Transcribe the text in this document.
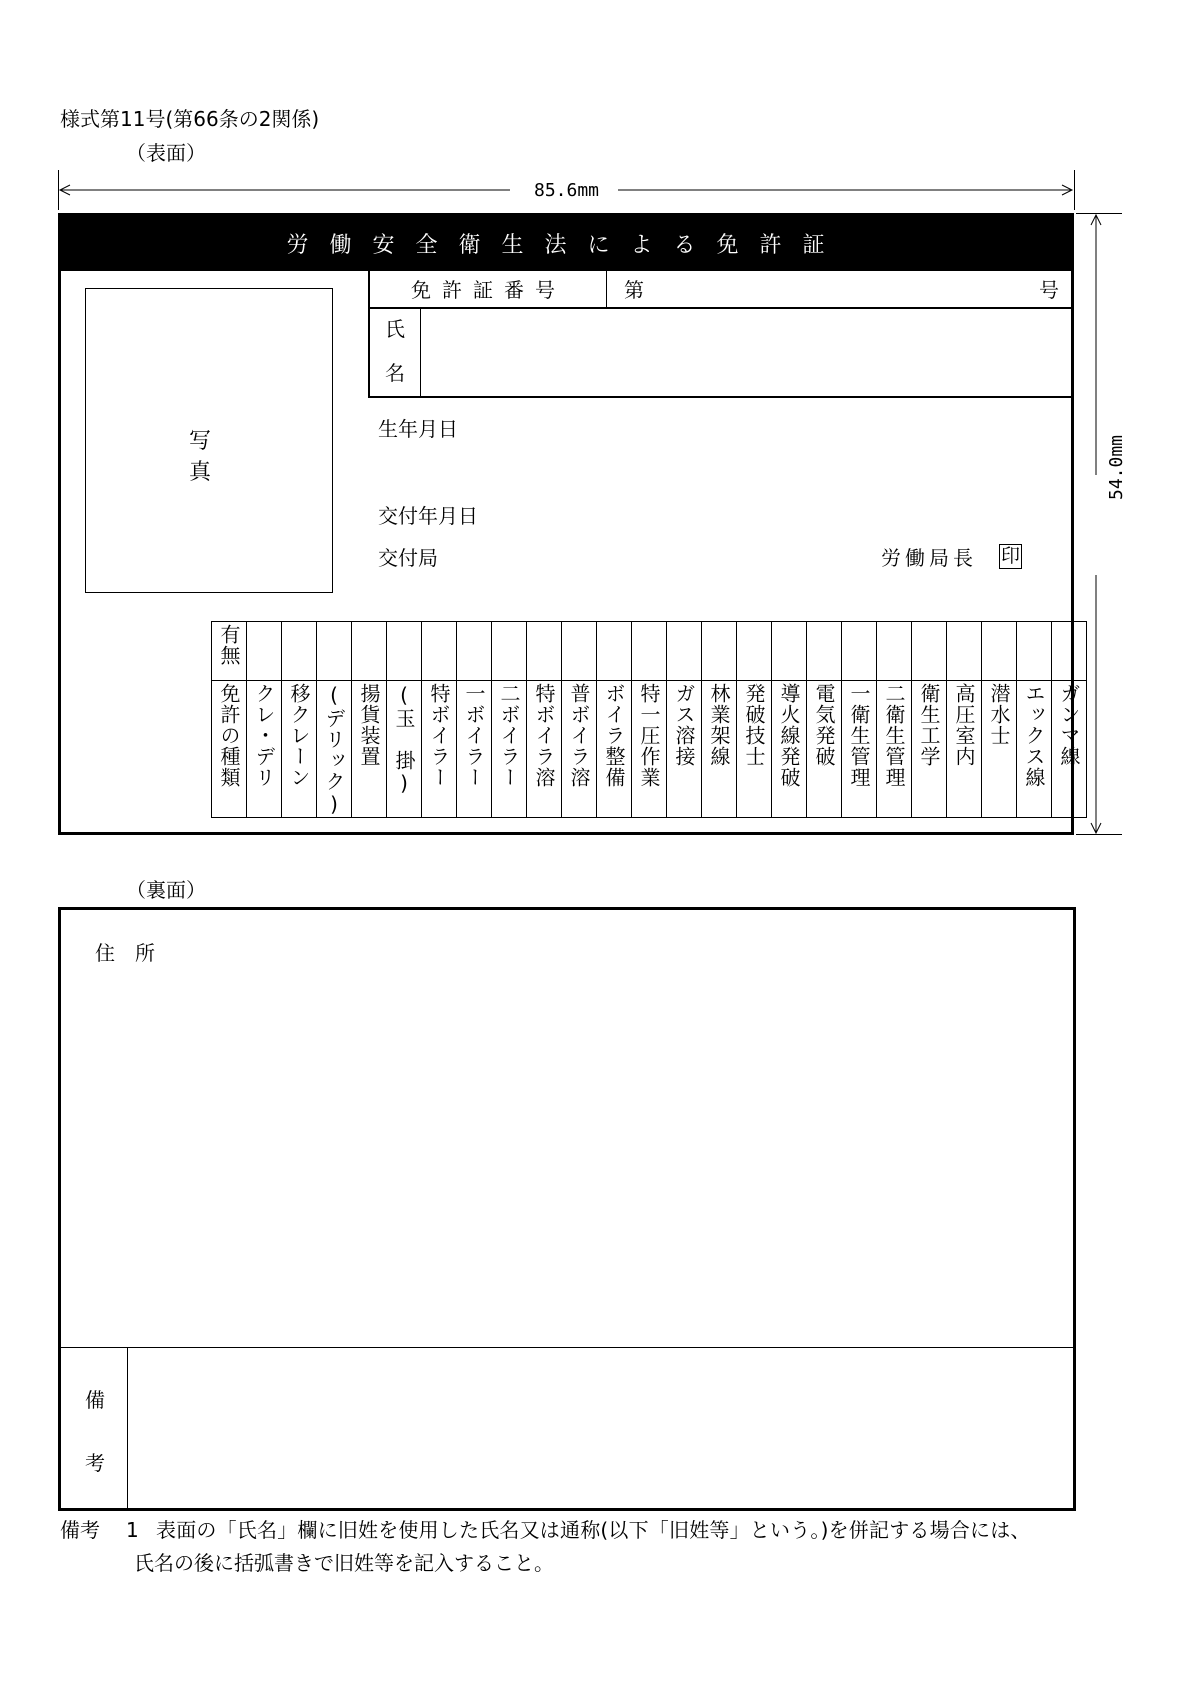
様式第11号(第66条の2関係)
（表面）
85.6mm
54.0mm
労働安全衛生法による免許証
写真
免許証番号	第	号
氏
名
生年月日
交付年月日
交付局	労働局長 印
有無																								

免許の種類	クレ・デリ	移クレーン	(デリック)	揚貨装置	(玉　掛)	特ボイラー	一ボイラー	二ボイラー	特ボイラ溶	普ボイラ溶	ボイラ整備	特一圧作業	ガス溶接	林業架線	発破技士	導火線発破	電気発破	一衛生管理	二衛生管理	衛生工学	高圧室内	潜水士	エックス線	ガンマ線
（裏面）
住　所
備
考
備考 1 表面の「氏名」欄に旧姓を使用した氏名又は通称(以下「旧姓等」という。)を併記する場合には、
氏名の後に括弧書きで旧姓等を記入すること。
